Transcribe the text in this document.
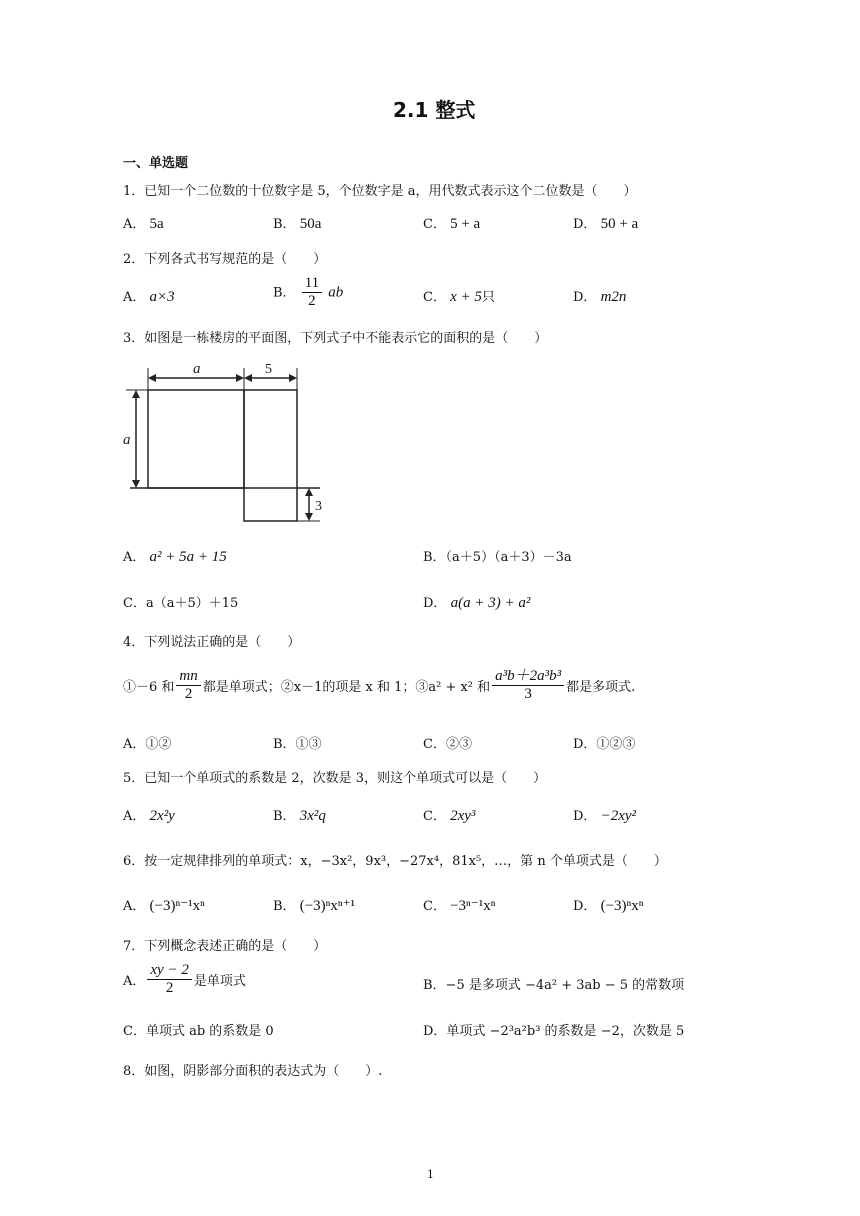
2.1 整式
一、单选题
1．已知一个二位数的十位数字是 5，个位数字是 a，用代数式表示这个二位数是（　　）
A． 5a	B． 50a	C． 5 + a	D． 50 + a
2．下列各式书写规范的是（　　）
A． a×3	B． $\frac{11}{2}$ ab	C． x + 5只	D． m2n
3．如图是一栋楼房的平面图，下列式子中不能表示它的面积的是（　　）
a	5
a
3
A． a² + 5a + 15	B．（a＋5）（a＋3）－3a
C．a（a＋5）＋15	D． a(a + 3) + a²
4．下列说法正确的是（　　）
①－6 和 $\frac{mn}{2}$ 都是单项式；②x－1的项是 x 和 1；③a² + x² 和 $\frac{\text{a³b＋2a³b³}}{3}$ 都是多项式.
A．①②	B．①③	C．②③	D．①②③
5．已知一个单项式的系数是 2，次数是 3，则这个单项式可以是（　　）
A． 2x²y	B． 3x²q	C． 2xy³	D． −2xy²
6．按一定规律排列的单项式：x，−3x²，9x³，−27x⁴，81x⁵，…，第 n 个单项式是（　　）
A． (−3)ⁿ⁻¹xⁿ	B． (−3)ⁿxⁿ⁺¹	C． −3ⁿ⁻¹xⁿ	D． (−3)ⁿxⁿ
7．下列概念表述正确的是（　　）
A． $\frac{xy - 2}{2}$ 是单项式	B．−5 是多项式 −4a² + 3ab − 5 的常数项
C．单项式 ab 的系数是 0	D．单项式 −2³a²b³ 的系数是 −2，次数是 5
8．如图，阴影部分面积的表达式为（　　）.
1
